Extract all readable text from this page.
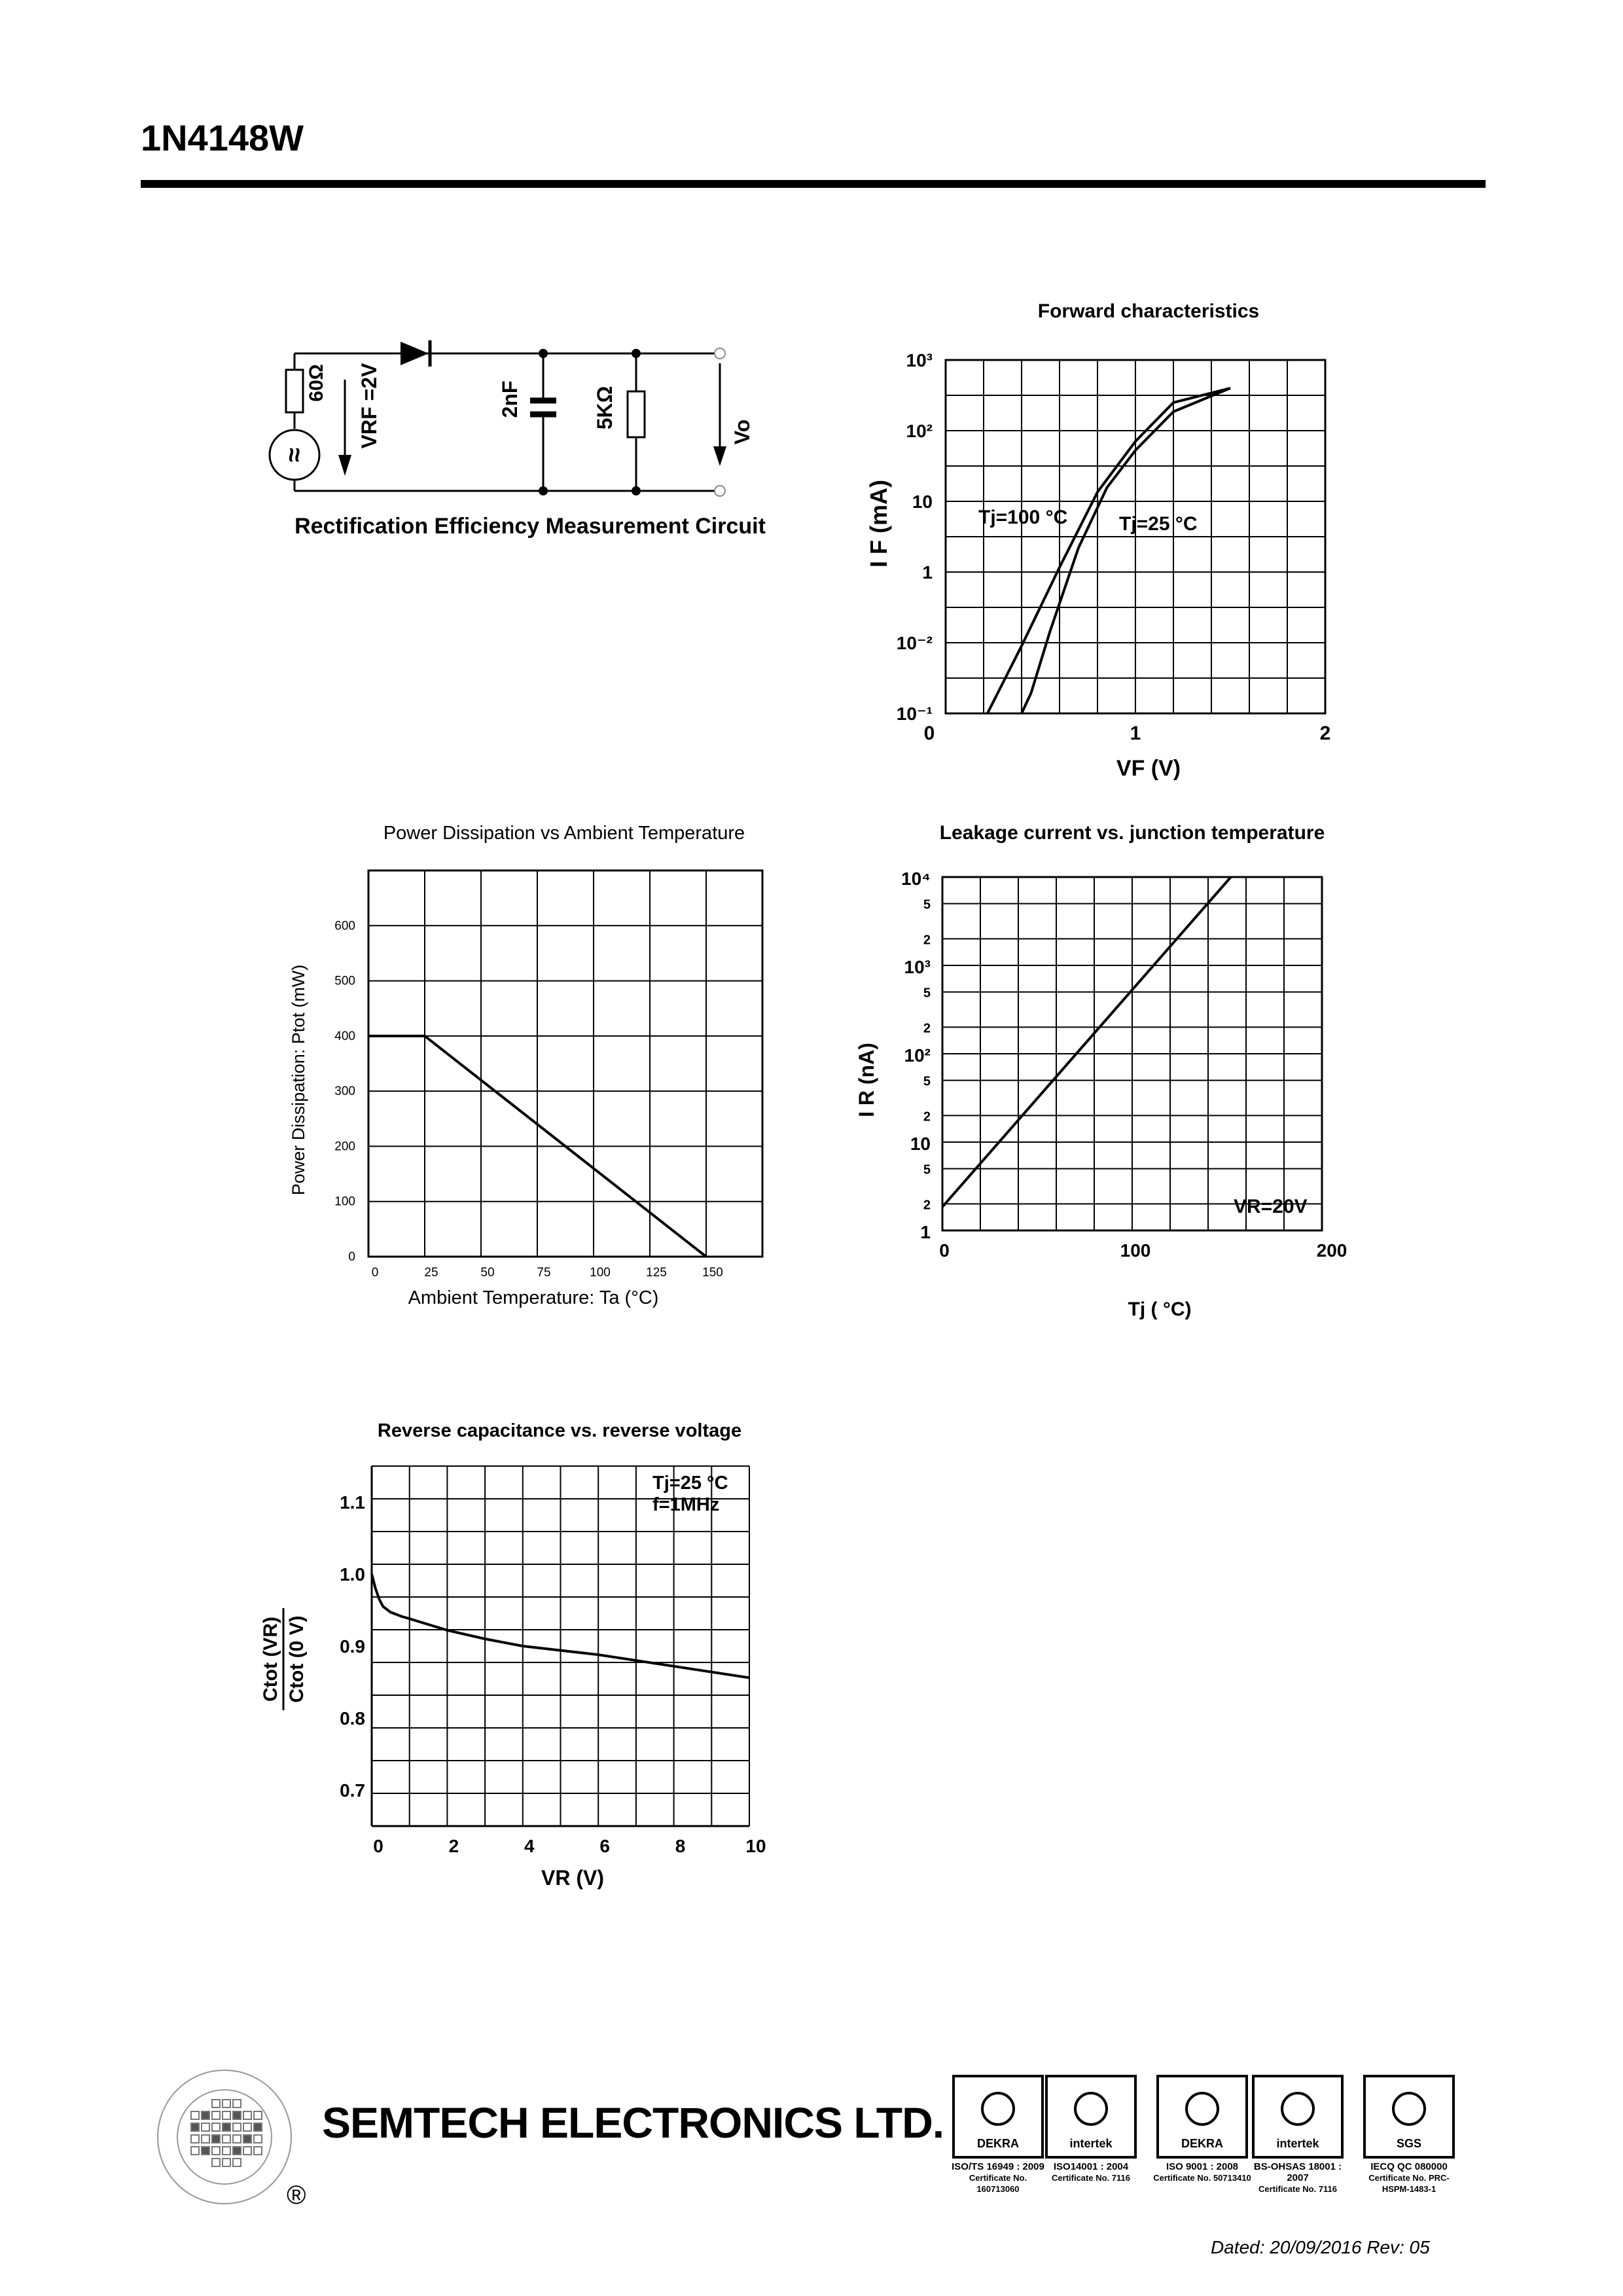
1N4148W
≈
60Ω VRF =2V	2nF	5KΩ
Vo
Rectification Efficiency Measurement Circuit
Forward characteristics
10³
10²
10
1
10⁻²
10⁻¹
0	1	2
Tj=100 °C	Tj=25 °C
I F (mA)
VF (V)
Power Dissipation vs Ambient Temperature
0
100
200
300
400
500
600
0	25	50	75	100	125	150
Power Dissipation: Ptot (mW)
Ambient Temperature: Ta (°C)
Leakage current vs. junction temperature
10⁴
5
2
10³
5
2
10²
5
2
10
5
2
1
0	100	200
VR=20V
I R (nA)
Tj ( °C)
Reverse capacitance vs. reverse voltage
0.7
0.8
0.9
1.0
1.1
0	2	4	6	8	10
Tj=25 °C
f=1MHz
Ctot (VR) Ctot (0 V)
VR (V)
®
SEMTECH ELECTRONICS LTD.	DEKRA
ISO/TS 16949 : 2009
Certificate No. 160713060
intertek
ISO14001 : 2004
Certificate No. 7116
DEKRA
ISO 9001 : 2008
Certificate No. 50713410
intertek
BS-OHSAS 18001 : 2007
Certificate No. 7116
SGS
IECQ QC 080000
Certificate No. PRC-HSPM-1483-1
Dated: 20/09/2016 Rev: 05
